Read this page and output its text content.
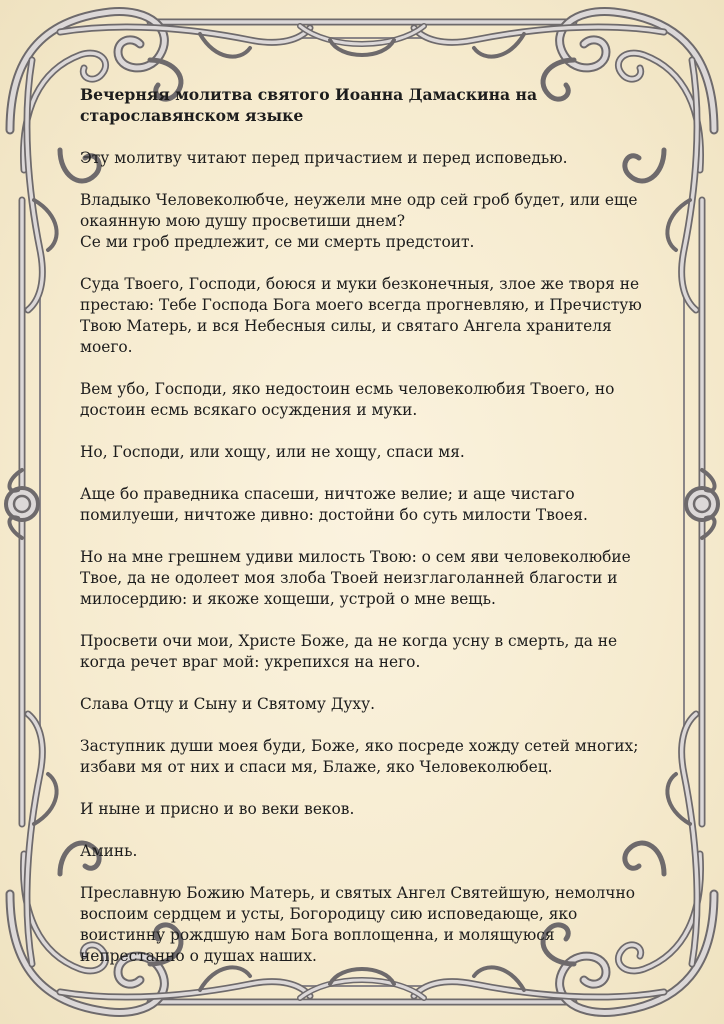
Вечерняя молитва святого Иоанна Дамаскина на
старославянском языке
Эту молитву читают перед причастием и перед исповедью.
Владыко Человеколюбче, неужели мне одр сей гроб будет, или еще
окаянную мою душу просветиши днем?
Се ми гроб предлежит, се ми смерть предстоит.
Суда Твоего, Господи, боюся и муки безконечныя, злое же творя не
престаю: Тебе Господа Бога моего всегда прогневляю, и Пречистую
Твою Матерь, и вся Небесныя силы, и святаго Ангела хранителя моего.
Вем убо, Господи, яко недостоин есмь человеколюбия Твоего, но
достоин есмь всякаго осуждения и муки.
Но, Господи, или хощу, или не хощу, спаси мя.
Аще бо праведника спасеши, ничтоже велие; и аще чистаго
помилуеши, ничтоже дивно: достойни бо суть милости Твоея.
Но на мне грешнем удиви милость Твою: о сем яви человеколюбие
Твое, да не одолеет моя злоба Твоей неизглаголанней благости и
милосердию: и якоже хощеши, устрой о мне вещь.
Просвети очи мои, Христе Боже, да не когда усну в смерть, да не
когда речет враг мой: укрепихся на него.
Слава Отцу и Сыну и Святому Духу.
Заступник души моея буди, Боже, яко посреде хожду сетей многих;
избави мя от них и спаси мя, Блаже, яко Человеколюбец.
И ныне и присно и во веки веков.
Аминь.
Преславную Божию Матерь, и святых Ангел Святейшую, немолчно
воспоим сердцем и усты, Богородицу сию исповедающе, яко
воистинну рождшую нам Бога воплощенна, и молящуюся
непрестанно о душах наших.
